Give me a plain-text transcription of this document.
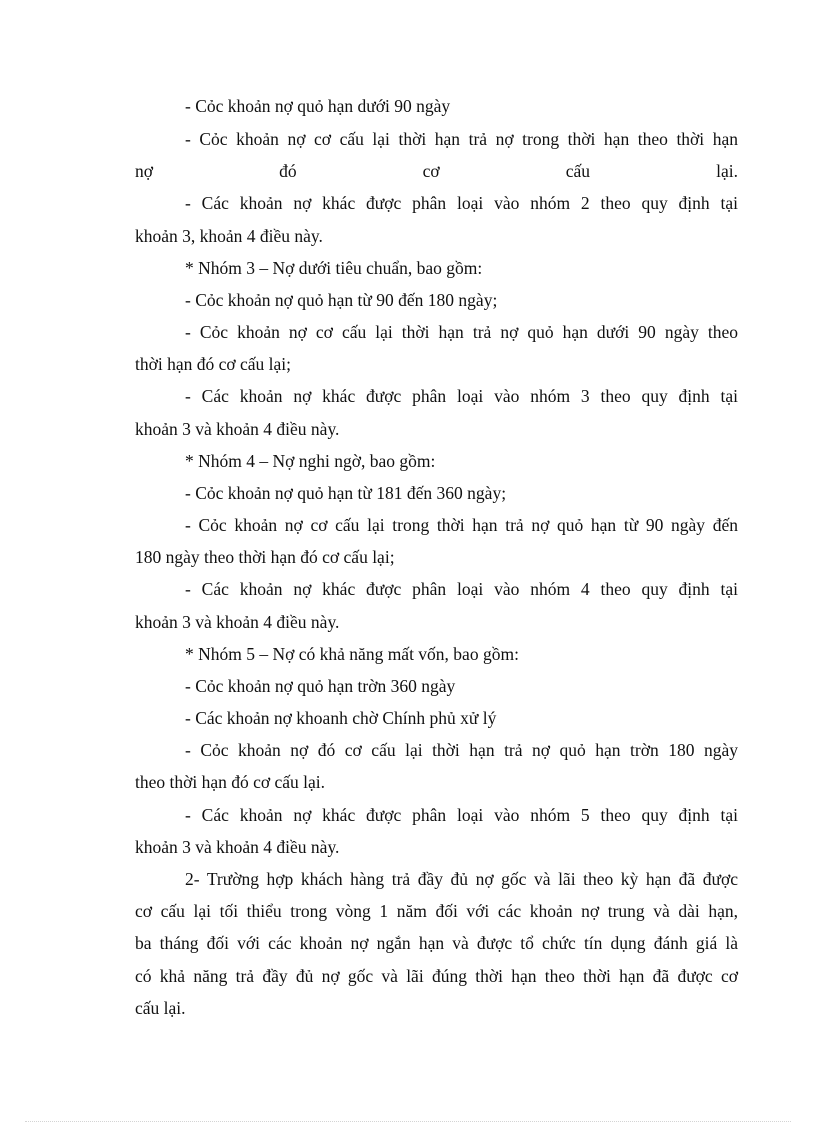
- Cỏc khoản nợ quỏ hạn dưới 90 ngày

- Cỏc khoản nợ cơ cấu lại thời hạn trả nợ trong thời hạn theo thời hạn

nợ đó cơ cấu lại.

- Các khoản nợ khác được phân loại vào nhóm 2 theo quy định tại

khoản 3, khoản 4 điều này.

* Nhóm 3 – Nợ dưới tiêu chuẩn, bao gồm:

- Cỏc khoản nợ quỏ hạn từ 90 đến 180 ngày;

- Cỏc khoản nợ cơ cấu lại thời hạn trả nợ quỏ hạn dưới 90 ngày theo

thời hạn đó cơ cấu lại;

- Các khoản nợ khác được phân loại vào nhóm 3 theo quy định tại

khoản 3 và khoản 4 điều này.

* Nhóm 4 – Nợ nghi ngờ, bao gồm:

- Cỏc khoản nợ quỏ hạn từ 181 đến 360 ngày;

- Cỏc khoản nợ cơ cấu lại trong thời hạn trả nợ quỏ hạn từ 90 ngày đến

180 ngày theo thời hạn đó cơ cấu lại;

- Các khoản nợ khác được phân loại vào nhóm 4 theo quy định tại

khoản 3 và khoản 4 điều này.

* Nhóm 5 – Nợ có khả năng mất vốn, bao gồm:

- Cỏc khoản nợ quỏ hạn trờn 360 ngày

- Các khoản nợ khoanh chờ Chính phủ xử lý

- Cỏc khoản nợ đó cơ cấu lại thời hạn trả nợ quỏ hạn trờn 180 ngày

theo thời hạn đó cơ cấu lại.

- Các khoản nợ khác được phân loại vào nhóm 5 theo quy định tại

khoản 3 và khoản 4 điều này.

2- Trường hợp khách hàng trả đầy đủ nợ gốc và lãi theo kỳ hạn đã được

cơ cấu lại tối thiểu trong vòng 1 năm đối với các khoản nợ trung và dài hạn,

ba tháng đối với các khoản nợ ngắn hạn và được tổ chức tín dụng đánh giá là

có khả năng trả đầy đủ nợ gốc và lãi đúng thời hạn theo thời hạn đã được cơ

cấu lại.
